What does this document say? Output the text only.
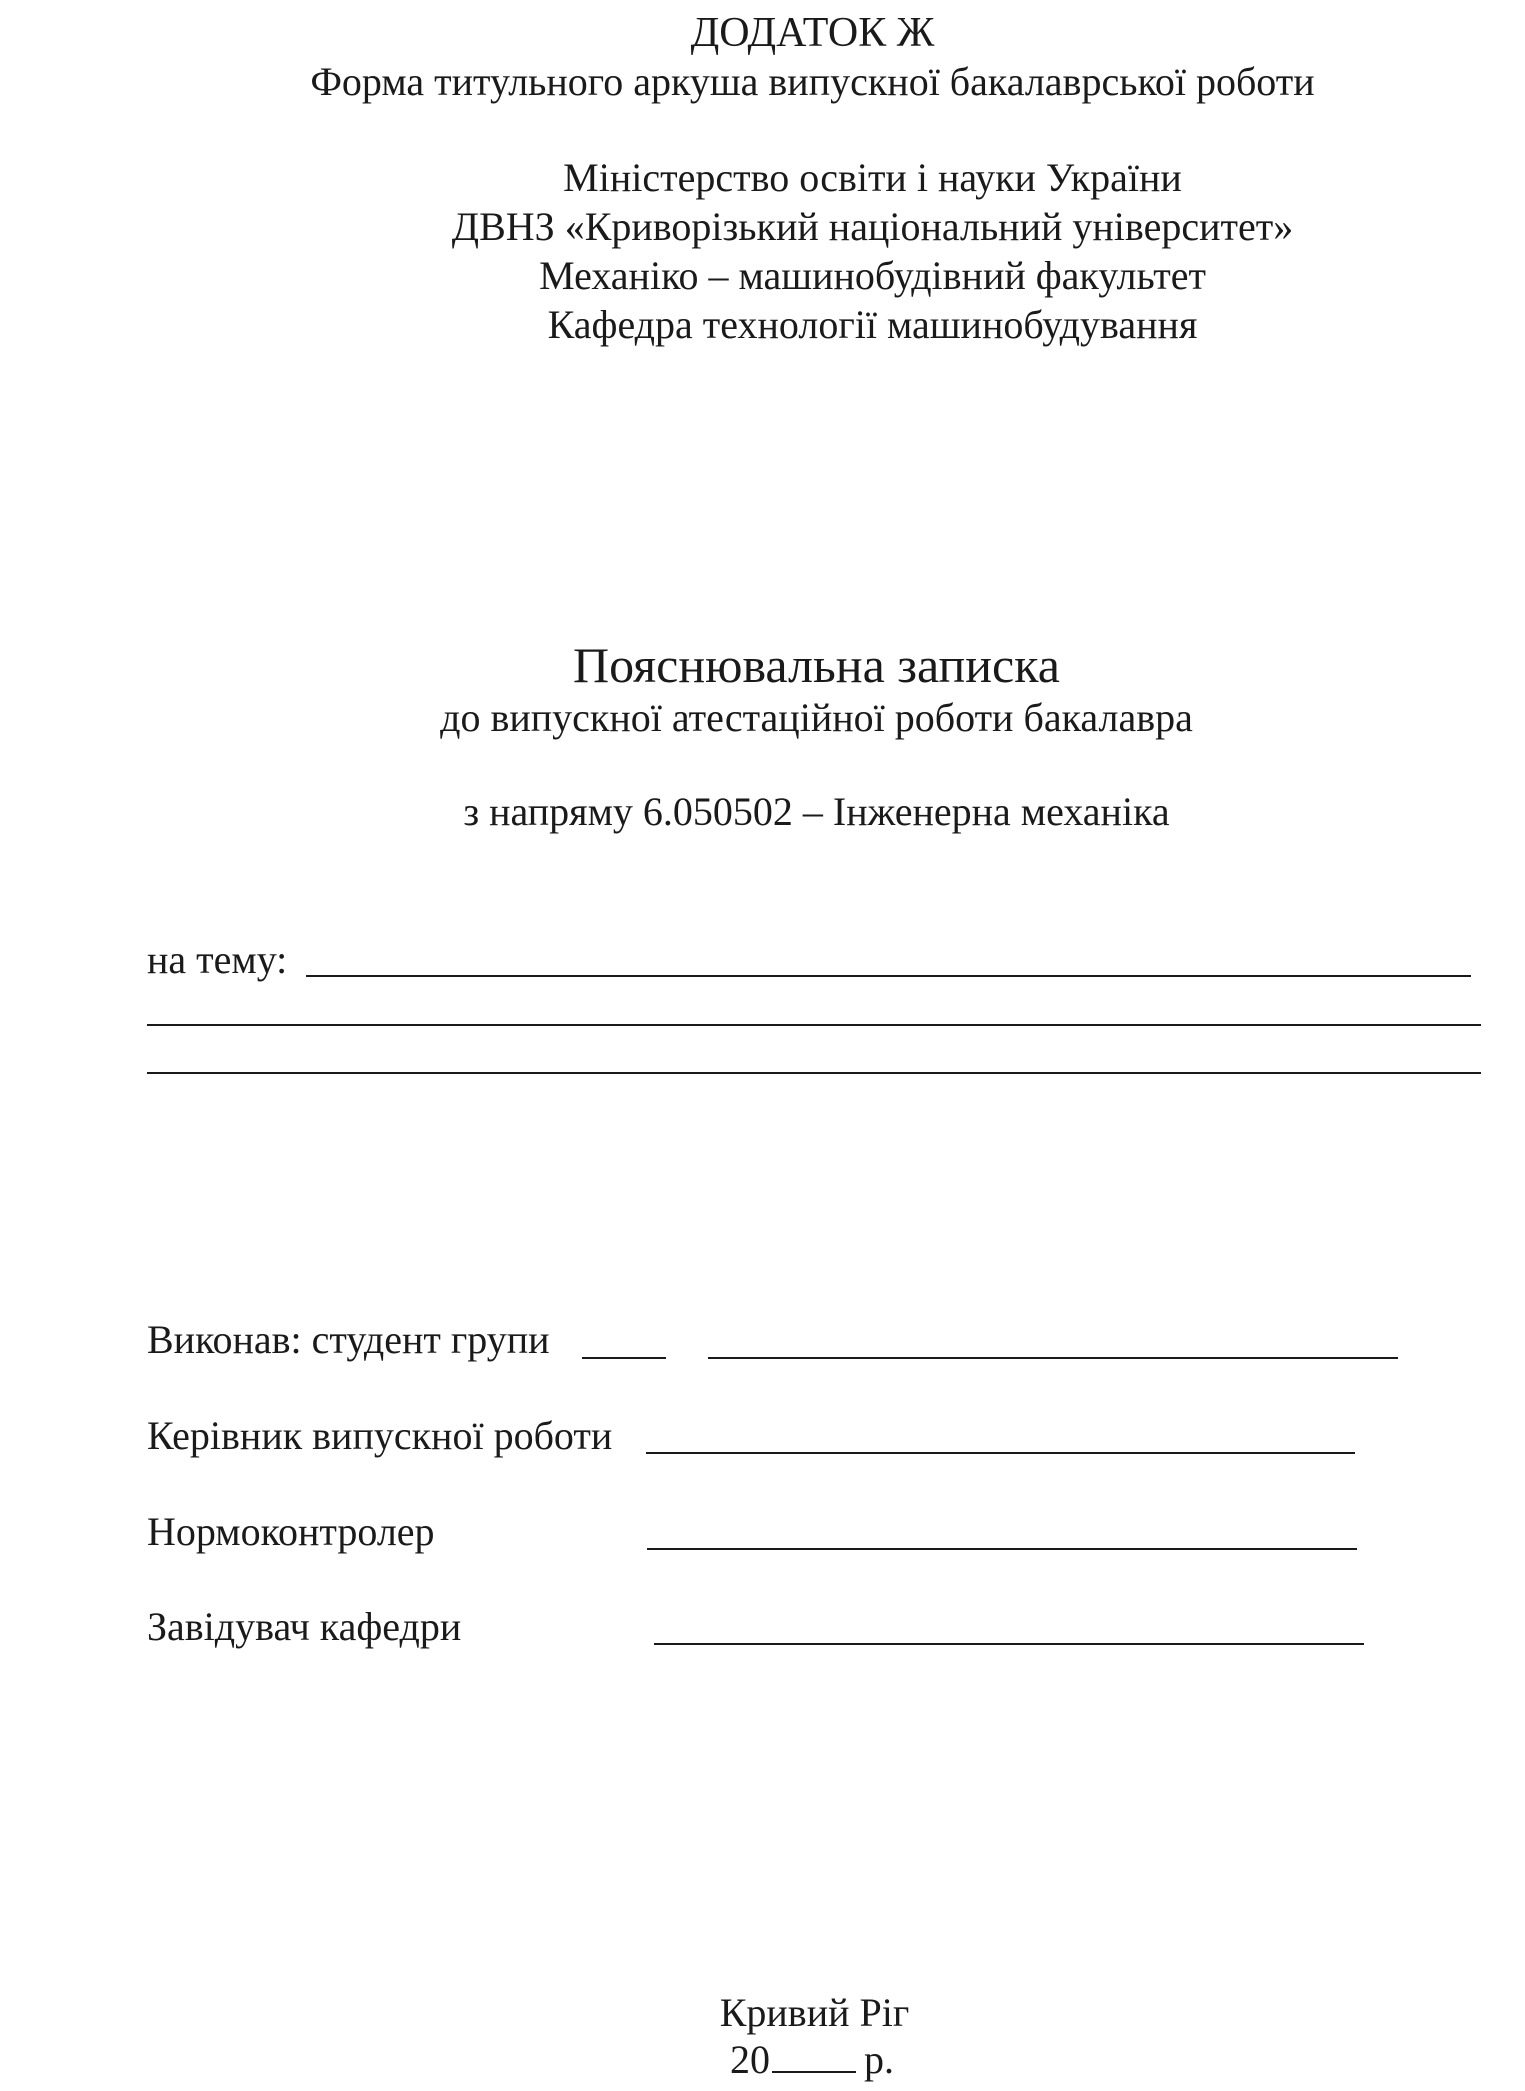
ДОДАТОК Ж
Форма титульного аркуша випускної бакалаврської роботи
Міністерство освіти і науки України
ДВНЗ «Криворізький національний університет»
Механіко – машинобудівний факультет
Кафедра технології машинобудування
Пояснювальна записка
до випускної атестаційної роботи бакалавра
з напряму 6.050502 – Інженерна механіка
на тему:
Виконав: студент групи
Керівник випускної роботи
Нормоконтролер
Завідувач кафедри
Кривий Ріг
20 р.
